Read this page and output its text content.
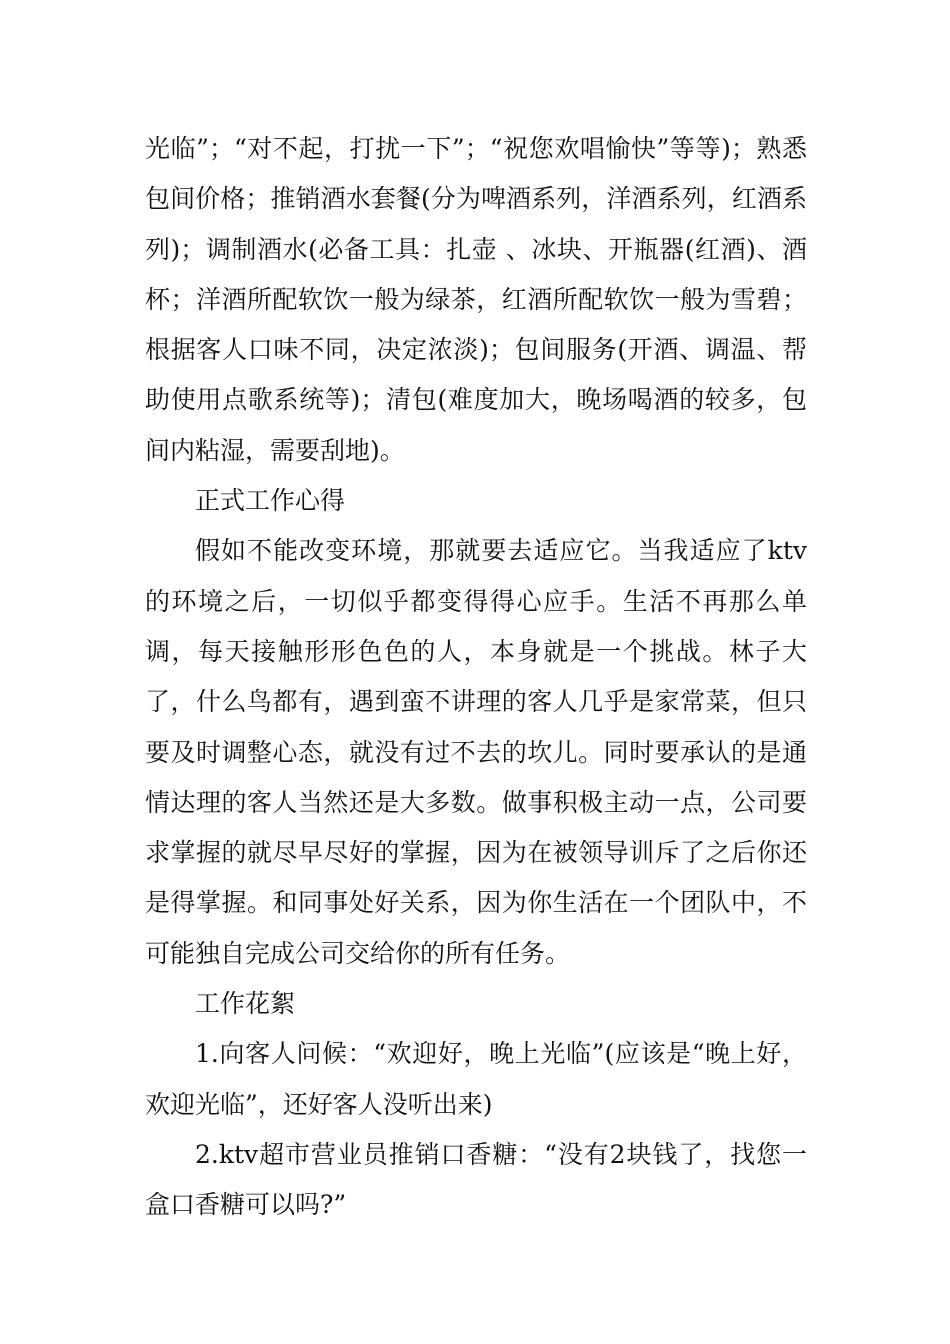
光临”；“对不起，打扰一下”；“祝您欢唱愉快”等等)；熟悉包间价格；推销酒水套餐(分为啤酒系列，洋酒系列，红酒系列)；调制酒水(必备工具：扎壶 、冰块、开瓶器(红酒)、酒杯；洋酒所配软饮一般为绿茶，红酒所配软饮一般为雪碧；根据客人口味不同，决定浓淡)；包间服务(开酒、调温、帮助使用点歌系统等)；清包(难度加大，晚场喝酒的较多，包间内粘湿，需要刮地)。

正式工作心得

假如不能改变环境，那就要去适应它。当我适应了ktv的环境之后，一切似乎都变得得心应手。生活不再那么单调，每天接触形形色色的人，本身就是一个挑战。林子大了，什么鸟都有，遇到蛮不讲理的客人几乎是家常菜，但只要及时调整心态，就没有过不去的坎儿。同时要承认的是通情达理的客人当然还是大多数。做事积极主动一点，公司要求掌握的就尽早尽好的掌握，因为在被领导训斥了之后你还是得掌握。和同事处好关系，因为你生活在一个团队中，不可能独自完成公司交给你的所有任务。

工作花絮

1.向客人问候：“欢迎好，晚上光临”(应该是“晚上好，欢迎光临”，还好客人没听出来)

2.ktv超市营业员推销口香糖：“没有2块钱了，找您一盒口香糖可以吗?”
